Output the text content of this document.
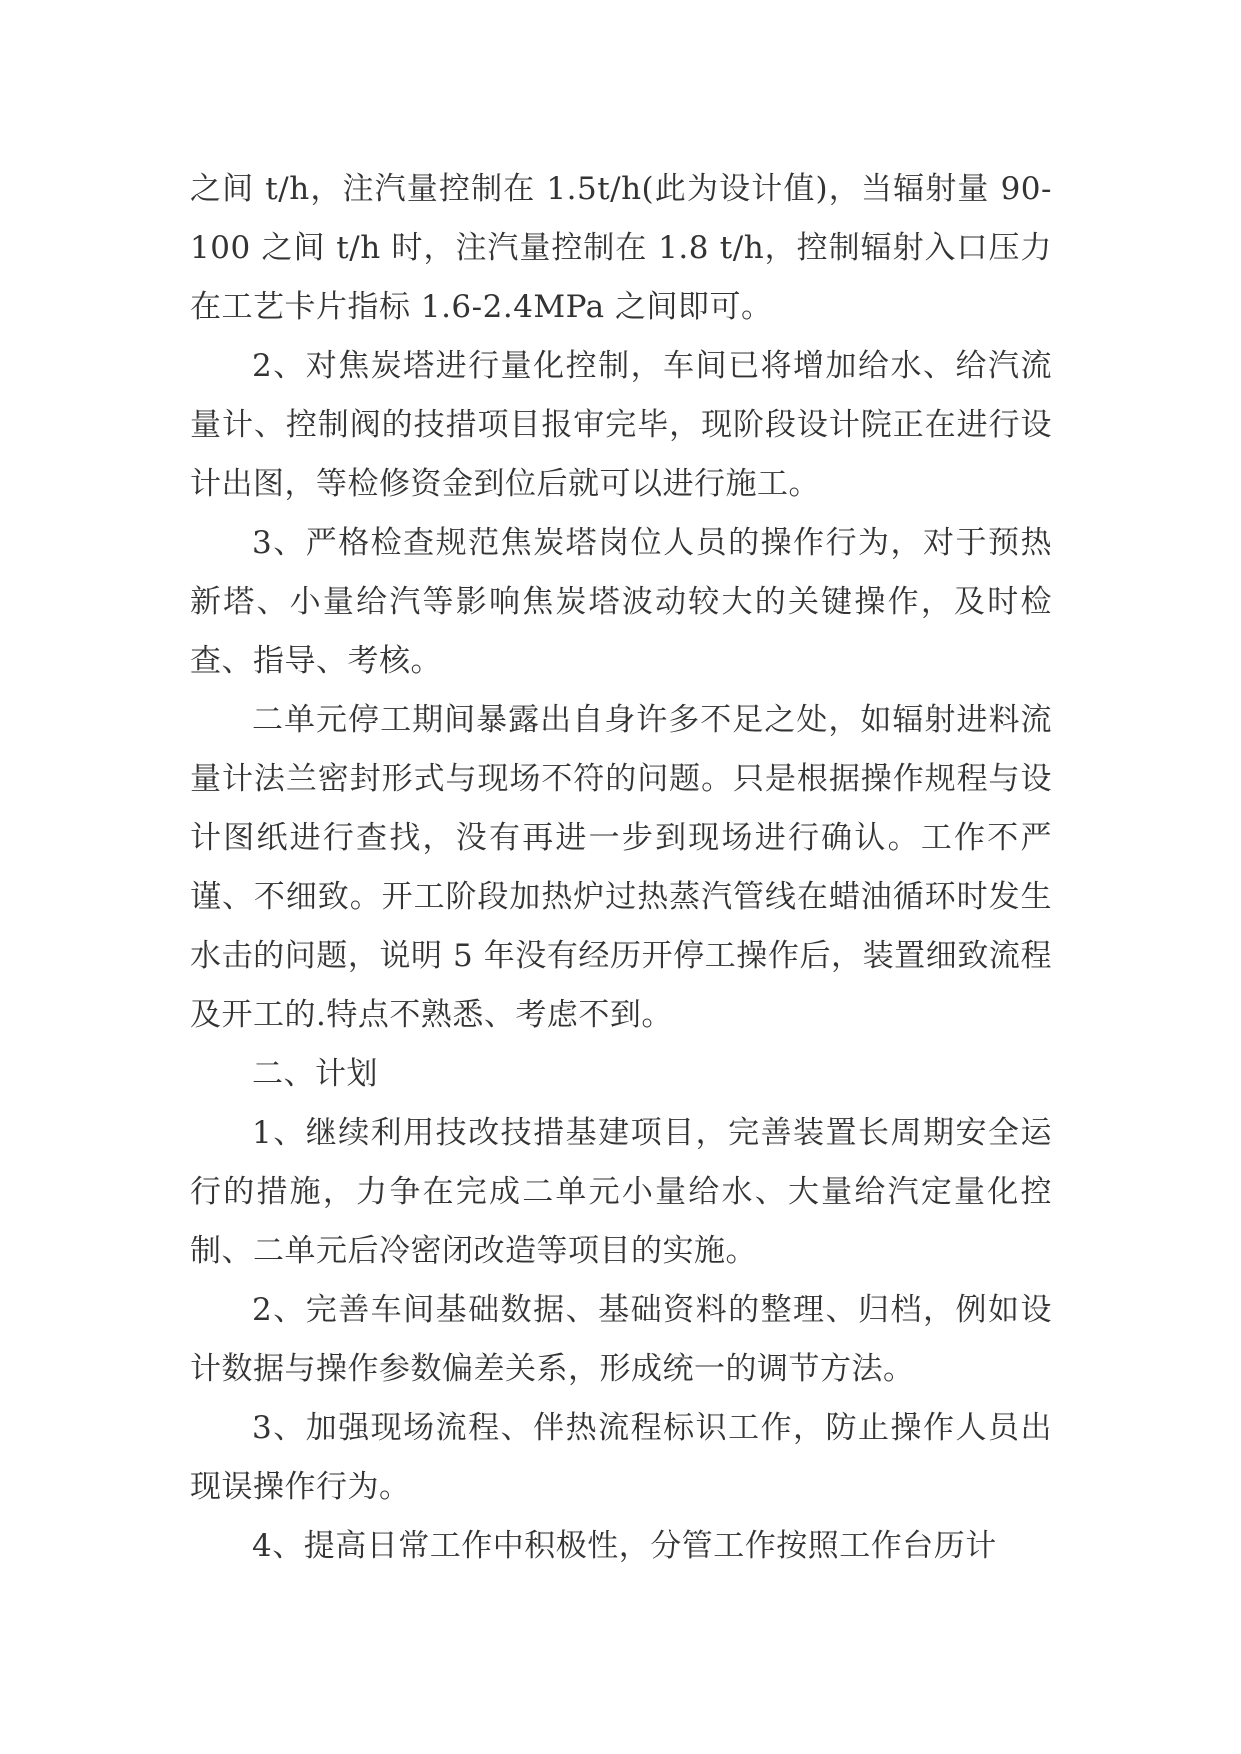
之间 t/h，注汽量控制在 1.5t/h(此为设计值)，当辐射量 90-100 之间 t/h 时，注汽量控制在 1.8 t/h，控制辐射入口压力在工艺卡片指标 1.6-2.4MPa 之间即可。

2、对焦炭塔进行量化控制，车间已将增加给水、给汽流量计、控制阀的技措项目报审完毕，现阶段设计院正在进行设计出图，等检修资金到位后就可以进行施工。

3、严格检查规范焦炭塔岗位人员的操作行为，对于预热新塔、小量给汽等影响焦炭塔波动较大的关键操作，及时检查、指导、考核。

二单元停工期间暴露出自身许多不足之处，如辐射进料流量计法兰密封形式与现场不符的问题。只是根据操作规程与设计图纸进行查找，没有再进一步到现场进行确认。工作不严谨、不细致。开工阶段加热炉过热蒸汽管线在蜡油循环时发生水击的问题，说明 5 年没有经历开停工操作后，装置细致流程及开工的.特点不熟悉、考虑不到。

二、计划

1、继续利用技改技措基建项目，完善装置长周期安全运行的措施，力争在完成二单元小量给水、大量给汽定量化控制、二单元后冷密闭改造等项目的实施。

2、完善车间基础数据、基础资料的整理、归档，例如设计数据与操作参数偏差关系，形成统一的调节方法。

3、加强现场流程、伴热流程标识工作，防止操作人员出现误操作行为。

4、提高日常工作中积极性，分管工作按照工作台历计
